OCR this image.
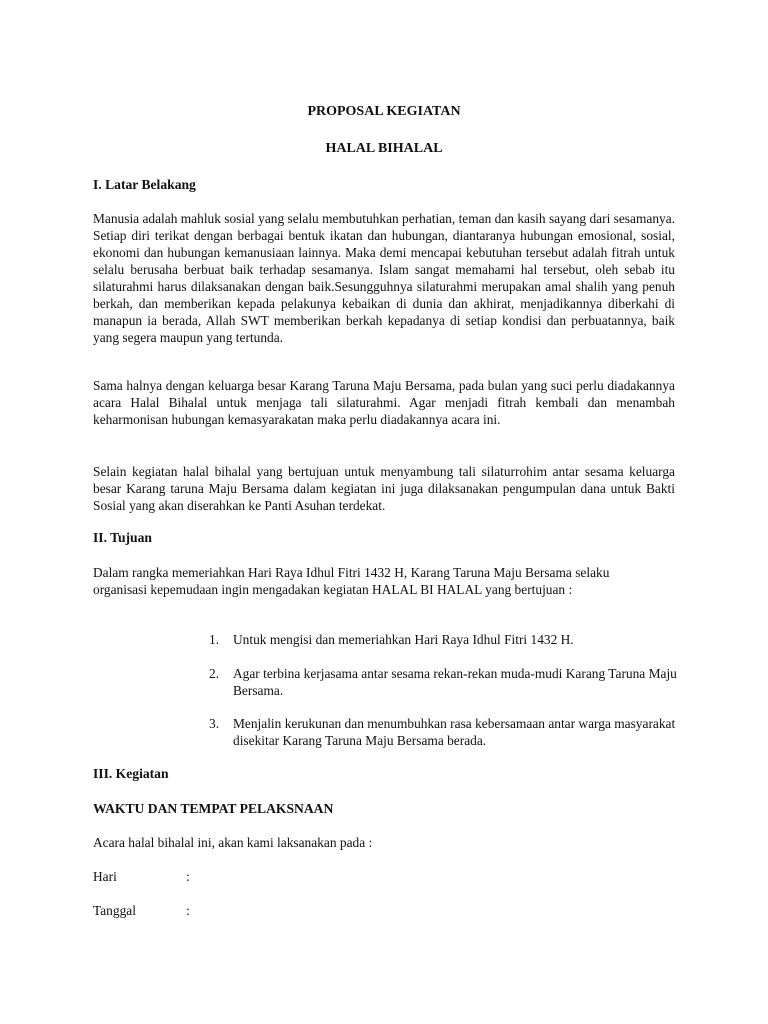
PROPOSAL KEGIATAN
HALAL BIHALAL
I. Latar Belakang

Manusia adalah mahluk sosial yang selalu membutuhkan perhatian, teman dan kasih sayang dari sesamanya. Setiap diri terikat dengan berbagai bentuk ikatan dan hubungan, diantaranya hubungan emosional, sosial, ekonomi dan hubungan kemanusiaan lainnya. Maka demi mencapai kebutuhan tersebut adalah fitrah untuk selalu berusaha berbuat baik terhadap sesamanya. Islam sangat memahami hal tersebut, oleh sebab itu silaturahmi harus dilaksanakan dengan baik.Sesungguhnya silaturahmi merupakan amal shalih yang penuh berkah, dan memberikan kepada pelakunya kebaikan di dunia dan akhirat, menjadikannya diberkahi di manapun ia berada, Allah SWT memberikan berkah kepadanya di setiap kondisi dan perbuatannya, baik yang segera maupun yang tertunda.

Sama halnya dengan keluarga besar Karang Taruna Maju Bersama, pada bulan yang suci perlu diadakannya acara Halal Bihalal untuk menjaga tali silaturahmi. Agar menjadi fitrah kembali dan menambah keharmonisan hubungan kemasyarakatan maka perlu diadakannya acara ini.

Selain kegiatan halal bihalal yang bertujuan untuk menyambung tali silaturrohim antar sesama keluarga besar Karang taruna Maju Bersama dalam kegiatan ini juga dilaksanakan pengumpulan dana untuk Bakti Sosial yang akan diserahkan ke Panti Asuhan terdekat.

II. Tujuan

Dalam rangka memeriahkan Hari Raya Idhul Fitri 1432 H, Karang Taruna Maju Bersama selaku organisasi kepemudaan ingin mengadakan kegiatan HALAL BI HALAL yang bertujuan :

1. Untuk mengisi dan memeriahkan Hari Raya Idhul Fitri 1432 H.
2. Agar terbina kerjasama antar sesama rekan-rekan muda-mudi Karang Taruna Maju Bersama.
3. Menjalin kerukunan dan menumbuhkan rasa kebersamaan antar warga masyarakat disekitar Karang Taruna Maju Bersama berada.
III. Kegiatan
WAKTU DAN TEMPAT PELAKSNAAN

Acara halal bihalal ini, akan kami laksanakan pada :

Hari	:
Tanggal	:
